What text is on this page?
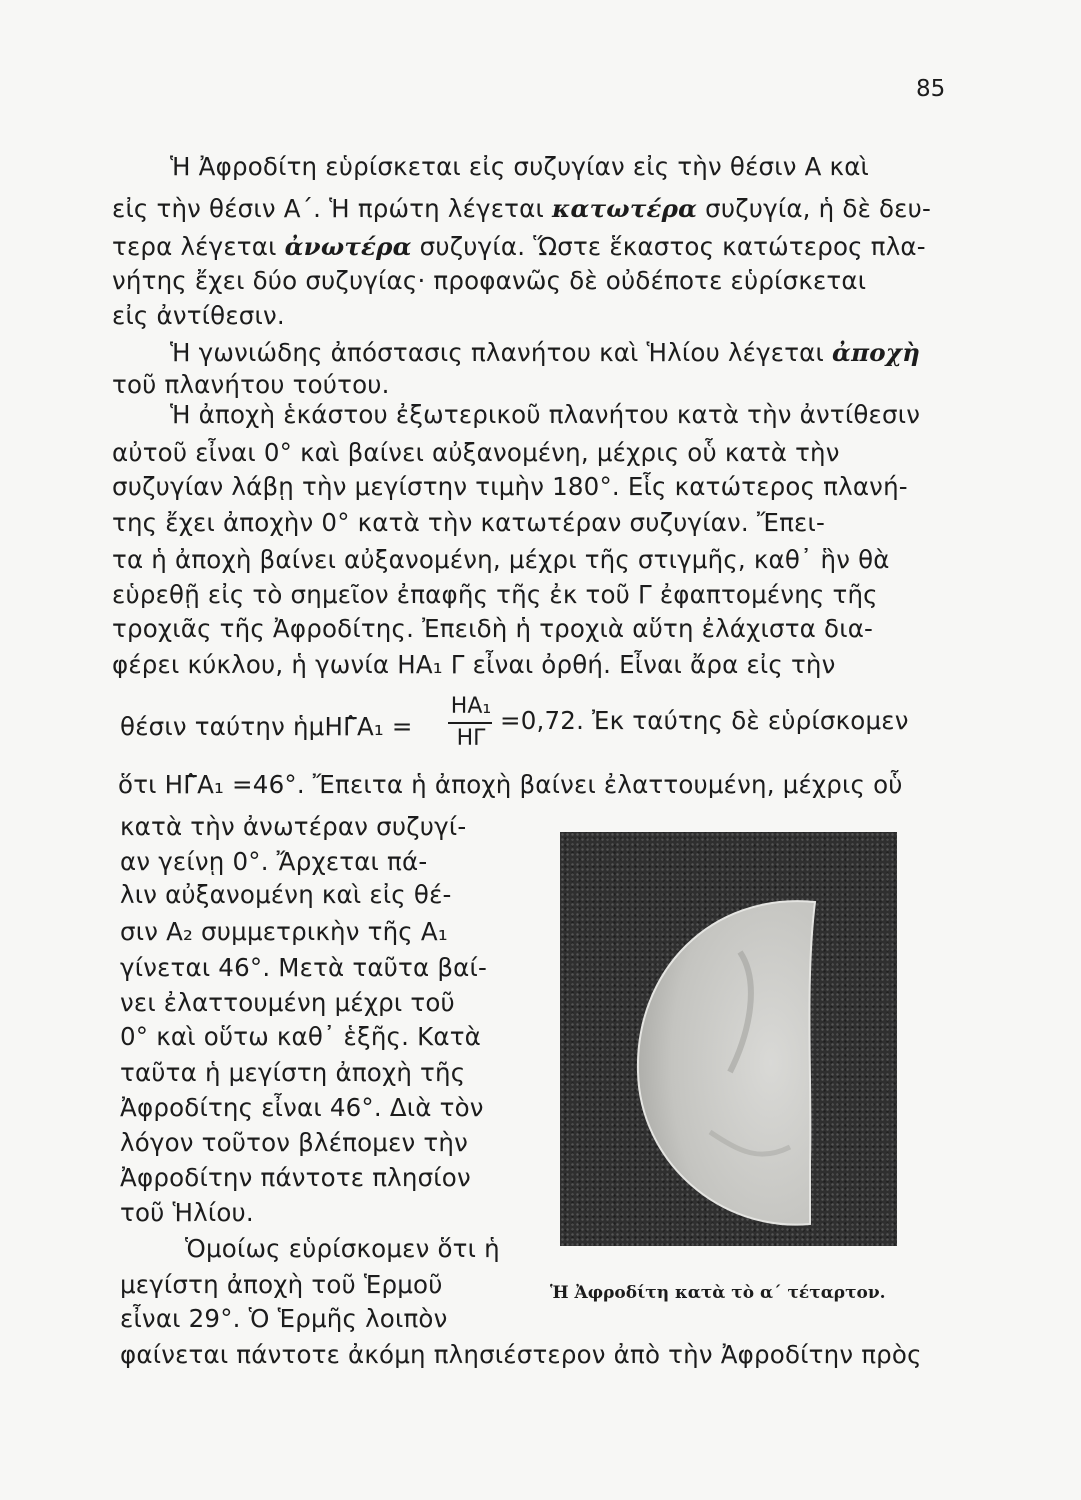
85
Ἡ Ἀφροδίτη εὑρίσκεται εἰς συζυγίαν εἰς τὴν θέσιν Α καὶ
εἰς τὴν θέσιν Α΄. Ἡ πρώτη λέγεται κατωτέρα συζυγία, ἡ δὲ δευ-
τερα λέγεται ἀνωτέρα συζυγία. Ὥστε ἕκαστος κατώτερος πλα-
νήτης ἔχει δύο συζυγίας· προφανῶς δὲ οὐδέποτε εὑρίσκεται
εἰς ἀντίθεσιν.
Ἡ γωνιώδης ἀπόστασις πλανήτου καὶ Ἡλίου λέγεται ἀποχὴ
τοῦ πλανήτου τούτου.
Ἡ ἀποχὴ ἑκάστου ἐξωτερικοῦ πλανήτου κατὰ τὴν ἀντίθεσιν
αὐτοῦ εἶναι 0° καὶ βαίνει αὐξανομένη, μέχρις οὗ κατὰ τὴν
συζυγίαν λάβῃ τὴν μεγίστην τιμὴν 180°. Εἷς κατώτερος πλανή-
της ἔχει ἀποχὴν 0° κατὰ τὴν κατωτέραν συζυγίαν. Ἔπει-
τα ἡ ἀποχὴ βαίνει αὐξανομένη, μέχρι τῆς στιγμῆς, καθ᾽ ἣν θὰ
εὑρεθῇ εἰς τὸ σημεῖον ἐπαφῆς τῆς ἐκ τοῦ Γ ἐφαπτομένης τῆς
τροχιᾶς τῆς Ἀφροδίτης. Ἐπειδὴ ἡ τροχιὰ αὕτη ἐλάχιστα δια-
φέρει κύκλου, ἡ γωνία ΗΑ₁ Γ εἶναι ὀρθή. Εἶναι ἄρα εἰς τὴν
θέσιν ταύτην ἡμΗΓ̂Α₁ =
ΗΑ₁
ΗΓ
=0,72. Ἐκ ταύτης δὲ εὑρίσκομεν
ὅτι ΗΓ̂Α₁ =46°. Ἔπειτα ἡ ἀποχὴ βαίνει ἐλαττουμένη, μέχρις οὗ
κατὰ τὴν ἀνωτέραν συζυγί-
αν γείνῃ 0°. Ἄρχεται πά-
λιν αὐξανομένη καὶ εἰς θέ-
σιν Α₂ συμμετρικὴν τῆς Α₁
γίνεται 46°. Μετὰ ταῦτα βαί-
νει ἐλαττουμένη μέχρι τοῦ
0° καὶ οὕτω καθ᾽ ἑξῆς. Κατὰ
ταῦτα ἡ μεγίστη ἀποχὴ τῆς
Ἀφροδίτης εἶναι 46°. Διὰ τὸν
λόγον τοῦτον βλέπομεν τὴν
Ἀφροδίτην πάντοτε πλησίον
τοῦ Ἡλίου.
Ὁμοίως εὑρίσκομεν ὅτι ἡ
μεγίστη ἀποχὴ τοῦ Ἑρμοῦ
εἶναι 29°. Ὁ Ἑρμῆς λοιπὸν
φαίνεται πάντοτε ἀκόμη πλησιέστερον ἀπὸ τὴν Ἀφροδίτην πρὸς
Ἡ Ἀφροδίτη κατὰ τὸ α΄ τέταρτον.
